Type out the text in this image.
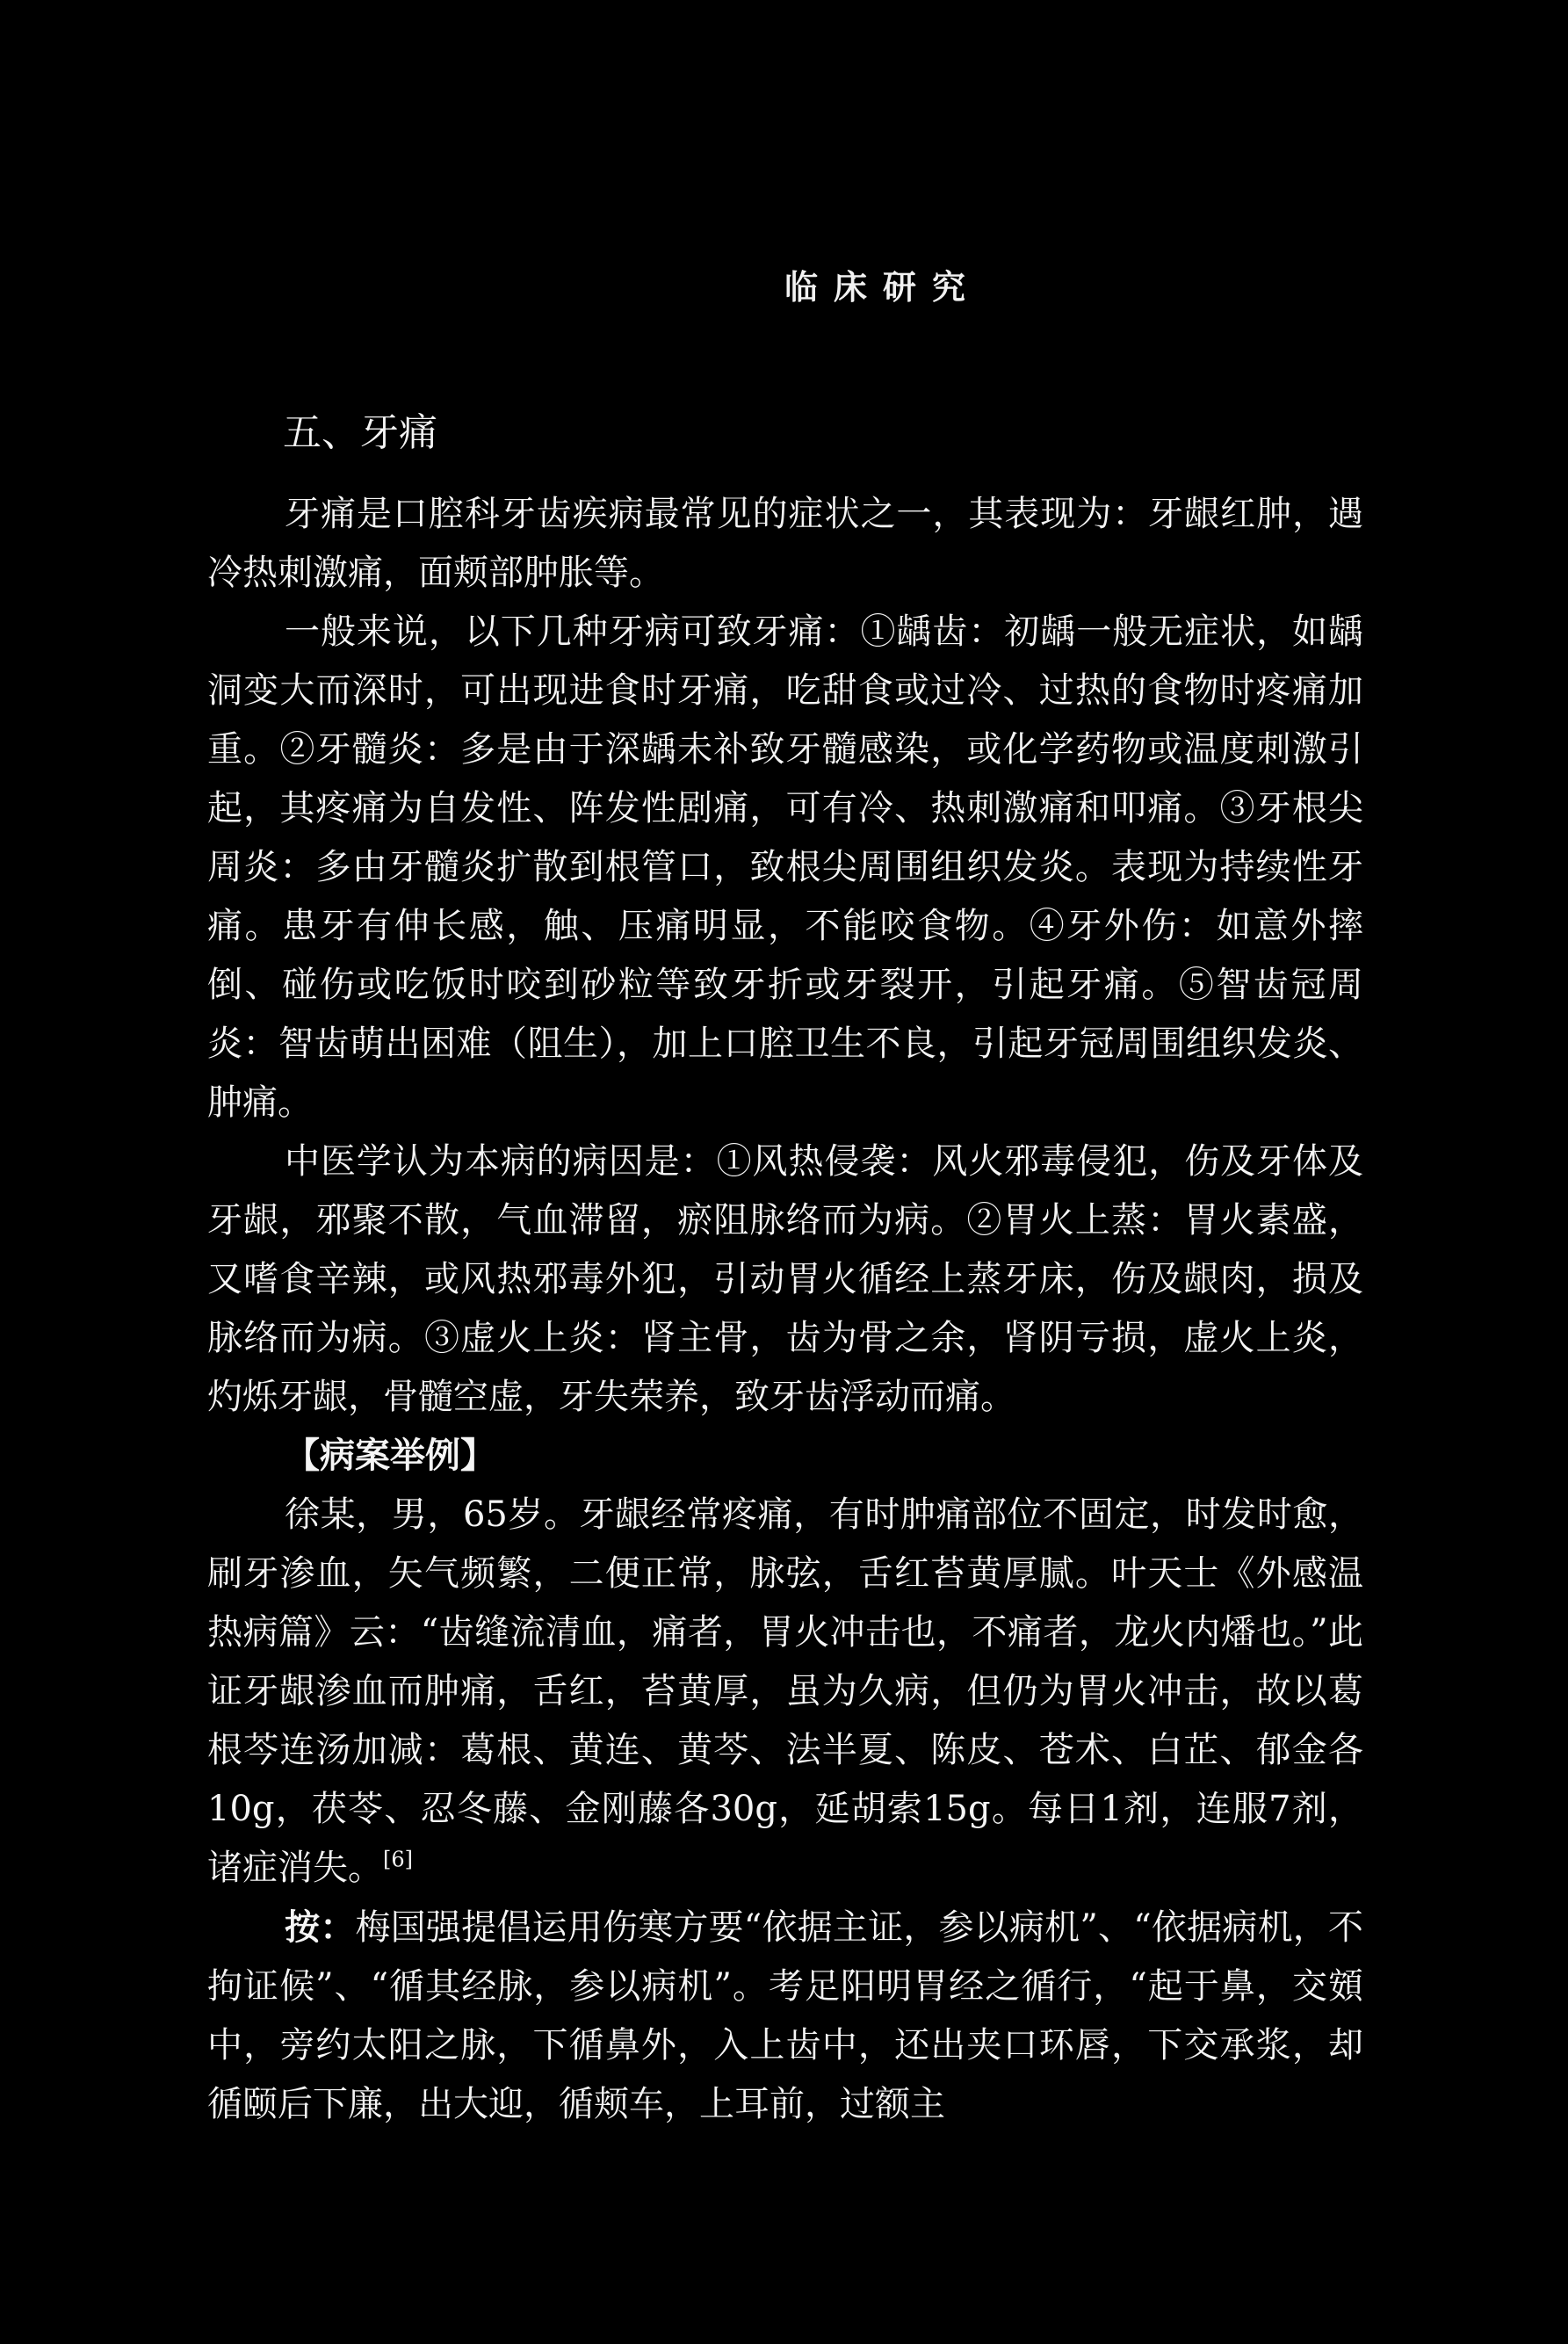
临床研究
五、牙痛

牙痛是口腔科牙齿疾病最常见的症状之一，其表现为：牙龈红肿，遇冷热刺激痛，面颊部肿胀等。

一般来说，以下几种牙病可致牙痛：①龋齿：初龋一般无症状，如龋洞变大而深时，可出现进食时牙痛，吃甜食或过冷、过热的食物时疼痛加重。②牙髓炎：多是由于深龋未补致牙髓感染，或化学药物或温度刺激引起，其疼痛为自发性、阵发性剧痛，可有冷、热刺激痛和叩痛。③牙根尖周炎：多由牙髓炎扩散到根管口，致根尖周围组织发炎。表现为持续性牙痛。患牙有伸长感，触、压痛明显，不能咬食物。④牙外伤：如意外摔倒、碰伤或吃饭时咬到砂粒等致牙折或牙裂开，引起牙痛。⑤智齿冠周炎：智齿萌出困难（阻生），加上口腔卫生不良，引起牙冠周围组织发炎、肿痛。

中医学认为本病的病因是：①风热侵袭：风火邪毒侵犯，伤及牙体及牙龈，邪聚不散，气血滞留，瘀阻脉络而为病。②胃火上蒸：胃火素盛，又嗜食辛辣，或风热邪毒外犯，引动胃火循经上蒸牙床，伤及龈肉，损及脉络而为病。③虚火上炎：肾主骨，齿为骨之余，肾阴亏损，虚火上炎，灼烁牙龈，骨髓空虚，牙失荣养，致牙齿浮动而痛。

【病案举例】

徐某，男，65岁。牙龈经常疼痛，有时肿痛部位不固定，时发时愈，刷牙渗血，矢气频繁，二便正常，脉弦，舌红苔黄厚腻。叶天士《外感温热病篇》云：“齿缝流清血，痛者，胃火冲击也，不痛者，龙火内燔也。”此证牙龈渗血而肿痛，舌红，苔黄厚，虽为久病，但仍为胃火冲击，故以葛根芩连汤加减：葛根、黄连、黄芩、法半夏、陈皮、苍术、白芷、郁金各10g，茯苓、忍冬藤、金刚藤各30g，延胡索15g。每日1剂，连服7剂，诸症消失。[6]

按：梅国强提倡运用伤寒方要“依据主证，参以病机”、“依据病机，不拘证候”、“循其经脉，参以病机”。考足阳明胃经之循行，“起于鼻，交頞中，旁约太阳之脉，下循鼻外，入上齿中，还出夹口环唇，下交承浆，却循颐后下廉，出大迎，循颊车，上耳前，过额主
